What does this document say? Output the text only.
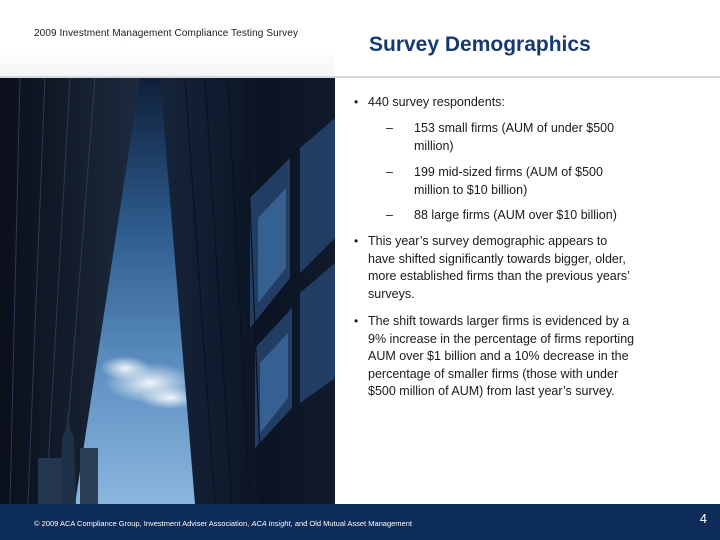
2009 Investment Management Compliance Testing Survey	Survey Demographics
• 440 survey respondents:
– 153 small firms (AUM of under $500
million)
– 199 mid-sized firms (AUM of $500
million to $10 billion)
– 88 large firms (AUM over $10 billion)
• This year’s survey demographic appears to
have shifted significantly towards bigger, older,
more established firms than the previous years’
surveys.
• The shift towards larger firms is evidenced by a
9% increase in the percentage of firms reporting
AUM over $1 billion and a 10% decrease in the
percentage of smaller firms (those with under
$500 million of AUM) from last year’s survey.
© 2009 ACA Compliance Group, Investment Adviser Association, ACA Insight, and Old Mutual Asset Management	4
